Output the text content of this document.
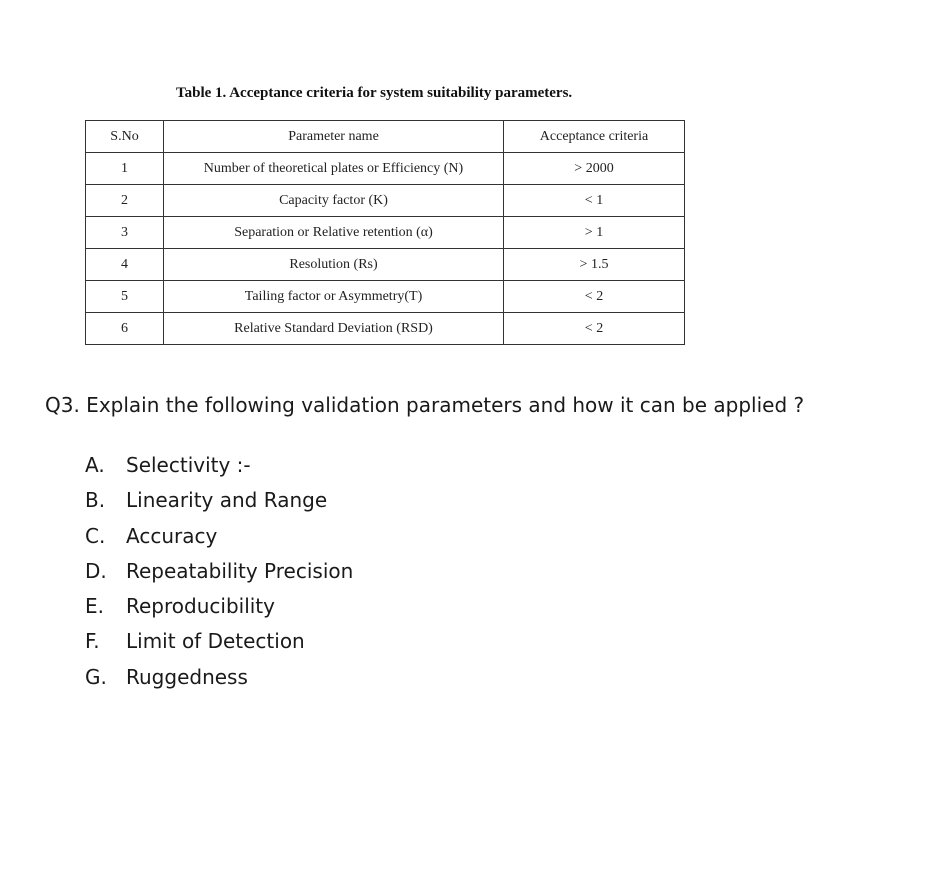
Table 1. Acceptance criteria for system suitability parameters.
S.No	Parameter name	Acceptance criteria
1	Number of theoretical plates or Efficiency (N)	> 2000
2	Capacity factor (K)	< 1
3	Separation or Relative retention (α)	> 1
4	Resolution (Rs)	> 1.5
5	Tailing factor or Asymmetry(T)	< 2
6	Relative Standard Deviation (RSD)	< 2
Q3. Explain the following validation parameters and how it can be applied ?
A. Selectivity :-
B. Linearity and Range
C. Accuracy
D. Repeatability Precision
E. Reproducibility
F. Limit of Detection
G. Ruggedness
